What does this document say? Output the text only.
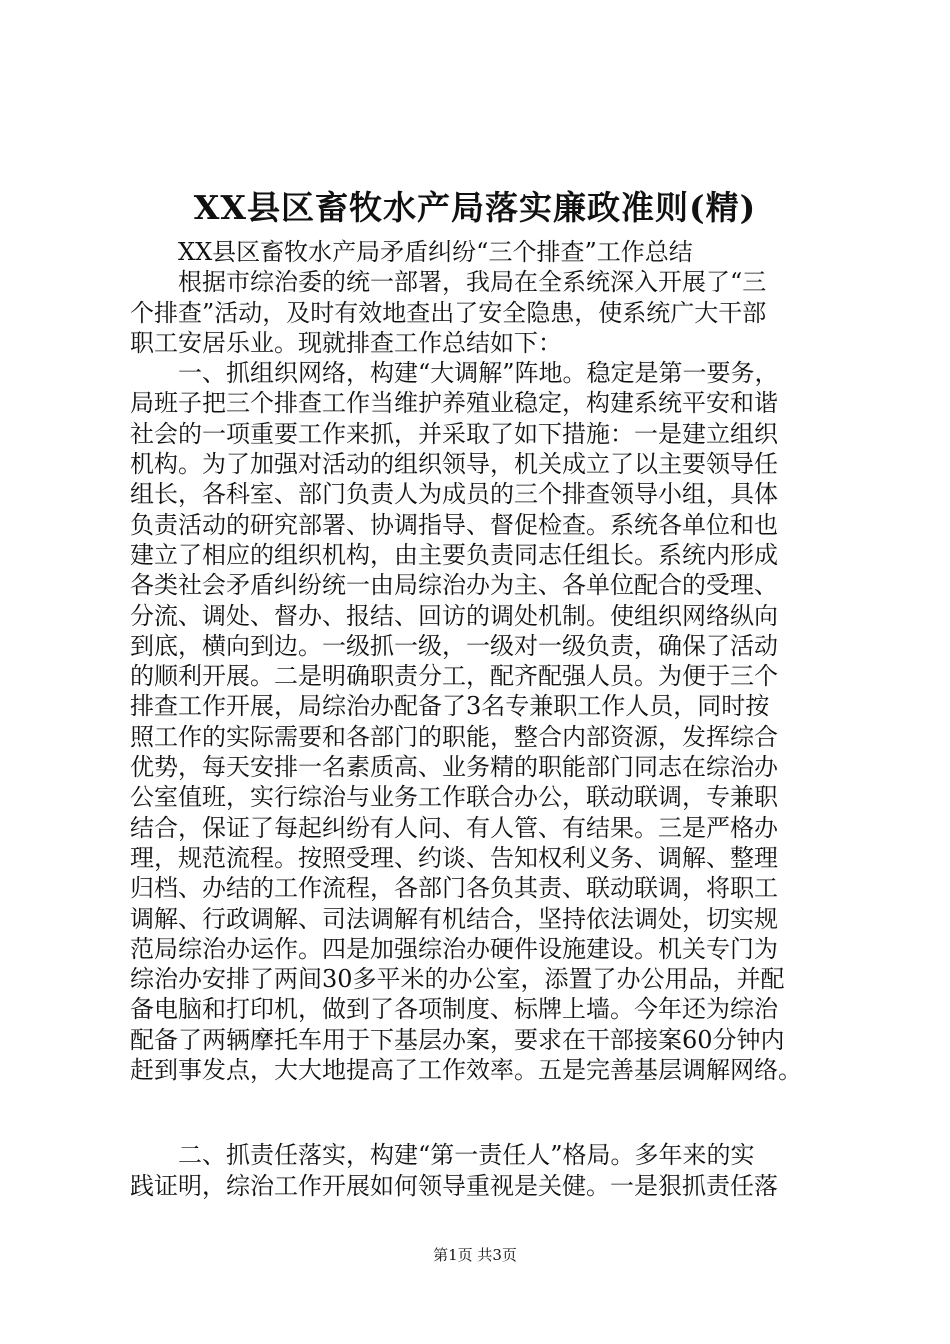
XX县区畜牧水产局落实廉政准则(精)
XX县区畜牧水产局矛盾纠纷“三个排查”工作总结
根据市综治委的统一部署，我局在全系统深入开展了“三
个排查”活动，及时有效地查出了安全隐患，使系统广大干部
职工安居乐业。现就排查工作总结如下：
一、抓组织网络，构建“大调解”阵地。稳定是第一要务，
局班子把三个排查工作当维护养殖业稳定，构建系统平安和谐
社会的一项重要工作来抓，并采取了如下措施：一是建立组织
机构。为了加强对活动的组织领导，机关成立了以主要领导任
组长，各科室、部门负责人为成员的三个排查领导小组，具体
负责活动的研究部署、协调指导、督促检查。系统各单位和也
建立了相应的组织机构，由主要负责同志任组长。系统内形成
各类社会矛盾纠纷统一由局综治办为主、各单位配合的受理、
分流、调处、督办、报结、回访的调处机制。使组织网络纵向
到底，横向到边。一级抓一级，一级对一级负责，确保了活动
的顺利开展。二是明确职责分工，配齐配强人员。为便于三个
排查工作开展，局综治办配备了3名专兼职工作人员，同时按
照工作的实际需要和各部门的职能，整合内部资源，发挥综合
优势，每天安排一名素质高、业务精的职能部门同志在综治办
公室值班，实行综治与业务工作联合办公，联动联调，专兼职
结合，保证了每起纠纷有人问、有人管、有结果。三是严格办
理，规范流程。按照受理、约谈、告知权利义务、调解、整理
归档、办结的工作流程，各部门各负其责、联动联调，将职工
调解、行政调解、司法调解有机结合，坚持依法调处，切实规
范局综治办运作。四是加强综治办硬件设施建设。机关专门为
综治办安排了两间30多平米的办公室，添置了办公用品，并配
备电脑和打印机，做到了各项制度、标牌上墙。今年还为综治
配备了两辆摩托车用于下基层办案，要求在干部接案60分钟内
赶到事发点，大大地提高了工作效率。五是完善基层调解网络。
二、抓责任落实，构建“第一责任人”格局。多年来的实
践证明，综治工作开展如何领导重视是关健。一是狠抓责任落
第1页 共3页
